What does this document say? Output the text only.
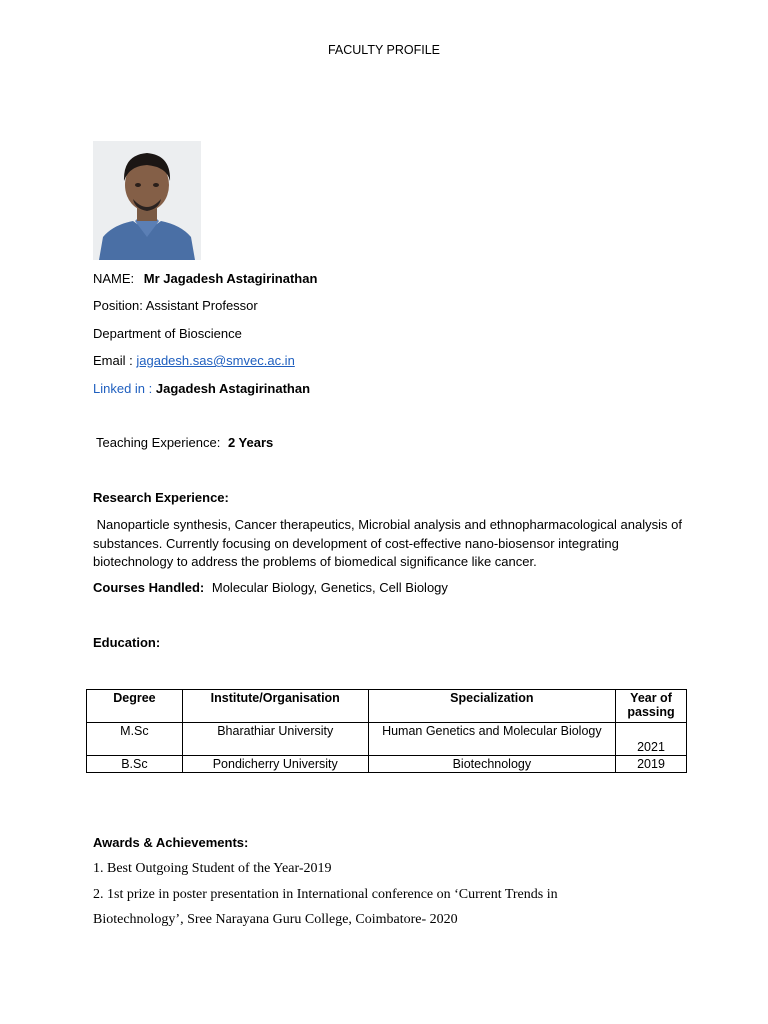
FACULTY PROFILE
NAME: Mr Jagadesh Astagirinathan
Position: Assistant Professor
Department of Bioscience
Email : jagadesh.sas@smvec.ac.in
Linked in : Jagadesh Astagirinathan
Teaching Experience: 2 Years
Research Experience:
Nanoparticle synthesis, Cancer therapeutics, Microbial analysis and ethnopharmacological analysis of substances. Currently focusing on development of cost-effective nano-biosensor integrating biotechnology to address the problems of biomedical significance like cancer.
Courses Handled: Molecular Biology, Genetics, Cell Biology
Education:
Degree	Institute/Organisation	Specialization	Year of passing
M.Sc	Bharathiar University	Human Genetics and Molecular Biology	2021
B.Sc	Pondicherry University	Biotechnology	2019
Awards & Achievements:
1. Best Outgoing Student of the Year-2019
2. 1st prize in poster presentation in International conference on ‘Current Trends in
Biotechnology’, Sree Narayana Guru College, Coimbatore- 2020
